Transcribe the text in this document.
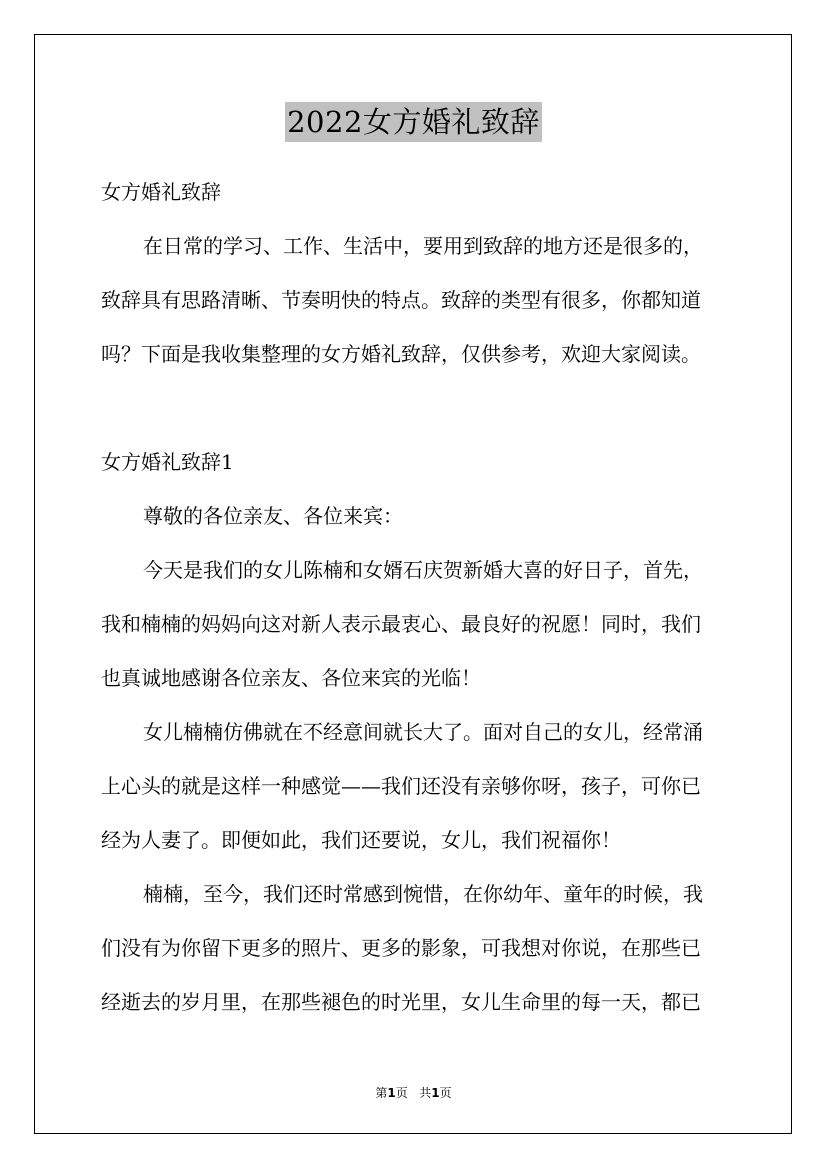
2022女方婚礼致辞
女方婚礼致辞
在日常的学习、工作、生活中，要用到致辞的地方还是很多的，
致辞具有思路清晰、节奏明快的特点。致辞的类型有很多，你都知道
吗？下面是我收集整理的女方婚礼致辞，仅供参考，欢迎大家阅读。
女方婚礼致辞1
尊敬的各位亲友、各位来宾：
今天是我们的女儿陈楠和女婿石庆贺新婚大喜的好日子，首先，
我和楠楠的妈妈向这对新人表示最衷心、最良好的祝愿！同时，我们
也真诚地感谢各位亲友、各位来宾的光临！
女儿楠楠仿佛就在不经意间就长大了。面对自己的女儿，经常涌
上心头的就是这样一种感觉——我们还没有亲够你呀，孩子，可你已
经为人妻了。即便如此，我们还要说，女儿，我们祝福你！
楠楠，至今，我们还时常感到惋惜，在你幼年、童年的时候，我
们没有为你留下更多的照片、更多的影象，可我想对你说，在那些已
经逝去的岁月里，在那些褪色的时光里，女儿生命里的每一天，都已
第1页 共1页
